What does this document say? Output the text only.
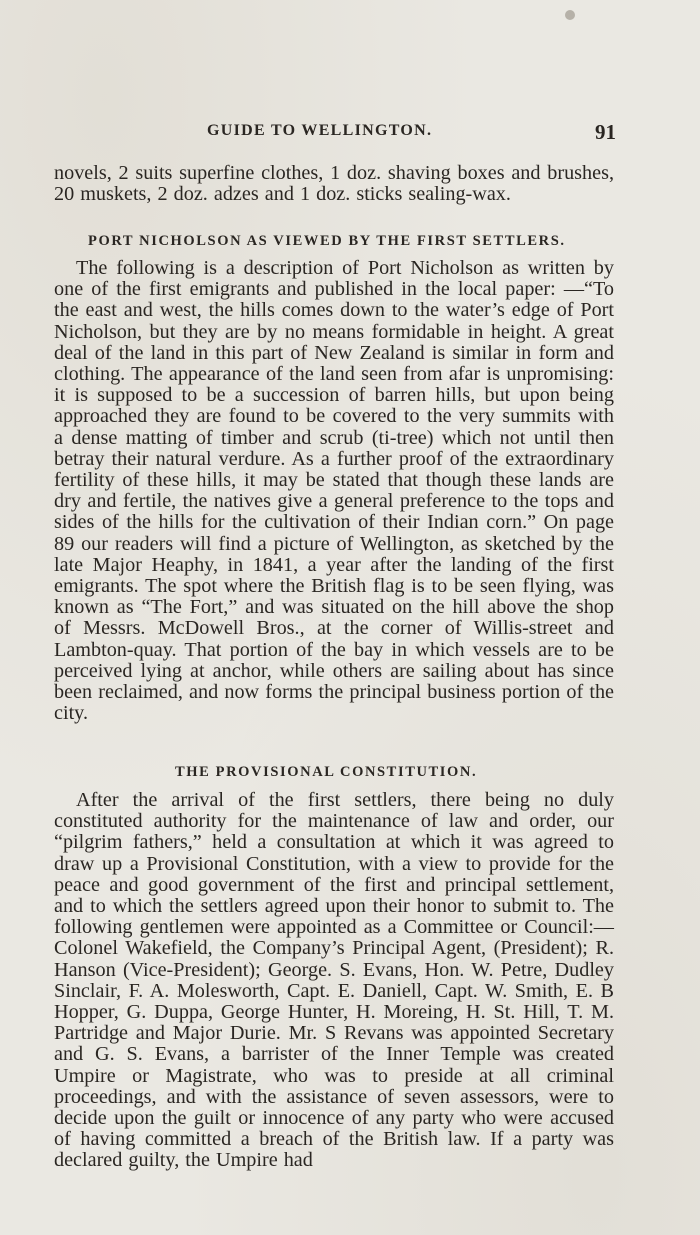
GUIDE TO WELLINGTON.	91

novels, 2 suits superfine clothes, 1 doz. shaving boxes and brushes, 20 muskets, 2 doz. adzes and 1 doz. sticks sealing-wax.

PORT NICHOLSON AS VIEWED BY THE FIRST SETTLERS.

The following is a description of Port Nicholson as written by one of the first emigrants and published in the local paper: —“To the east and west, the hills comes down to the water’s edge of Port Nicholson, but they are by no means formidable in height. A great deal of the land in this part of New Zealand is similar in form and clothing. The appearance of the land seen from afar is unpromising: it is supposed to be a succession of barren hills, but upon being approached they are found to be covered to the very summits with a dense matting of timber and scrub (ti-tree) which not until then betray their natural verdure. As a further proof of the extraordinary fertility of these hills, it may be stated that though these lands are dry and fertile, the natives give a general preference to the tops and sides of the hills for the cultivation of their Indian corn.” On page 89 our readers will find a picture of Wellington, as sketched by the late Major Heaphy, in 1841, a year after the landing of the first emigrants. The spot where the British flag is to be seen flying, was known as “The Fort,” and was situated on the hill above the shop of Messrs. McDowell Bros., at the corner of Willis-street and Lambton-quay. That portion of the bay in which vessels are to be perceived lying at anchor, while others are sailing about has since been reclaimed, and now forms the principal business portion of the city.

THE PROVISIONAL CONSTITUTION.

After the arrival of the first settlers, there being no duly constituted authority for the maintenance of law and order, our “pilgrim fathers,” held a consultation at which it was agreed to draw up a Provisional Constitution, with a view to provide for the peace and good government of the first and principal settlement, and to which the settlers agreed upon their honor to submit to. The following gentlemen were appointed as a Committee or Council:—Colonel Wakefield, the Company’s Principal Agent, (President); R. Hanson (Vice-President); George. S. Evans, Hon. W. Petre, Dudley Sinclair, F. A. Molesworth, Capt. E. Daniell, Capt. W. Smith, E. B Hopper, G. Duppa, George Hunter, H. Moreing, H. St. Hill, T. M. Partridge and Major Durie. Mr. S Revans was appointed Secretary and G. S. Evans, a barrister of the Inner Temple was created Umpire or Magistrate, who was to preside at all criminal proceedings, and with the assistance of seven assessors, were to decide upon the guilt or innocence of any party who were accused of having committed a breach of the British law. If a party was declared guilty, the Umpire had
